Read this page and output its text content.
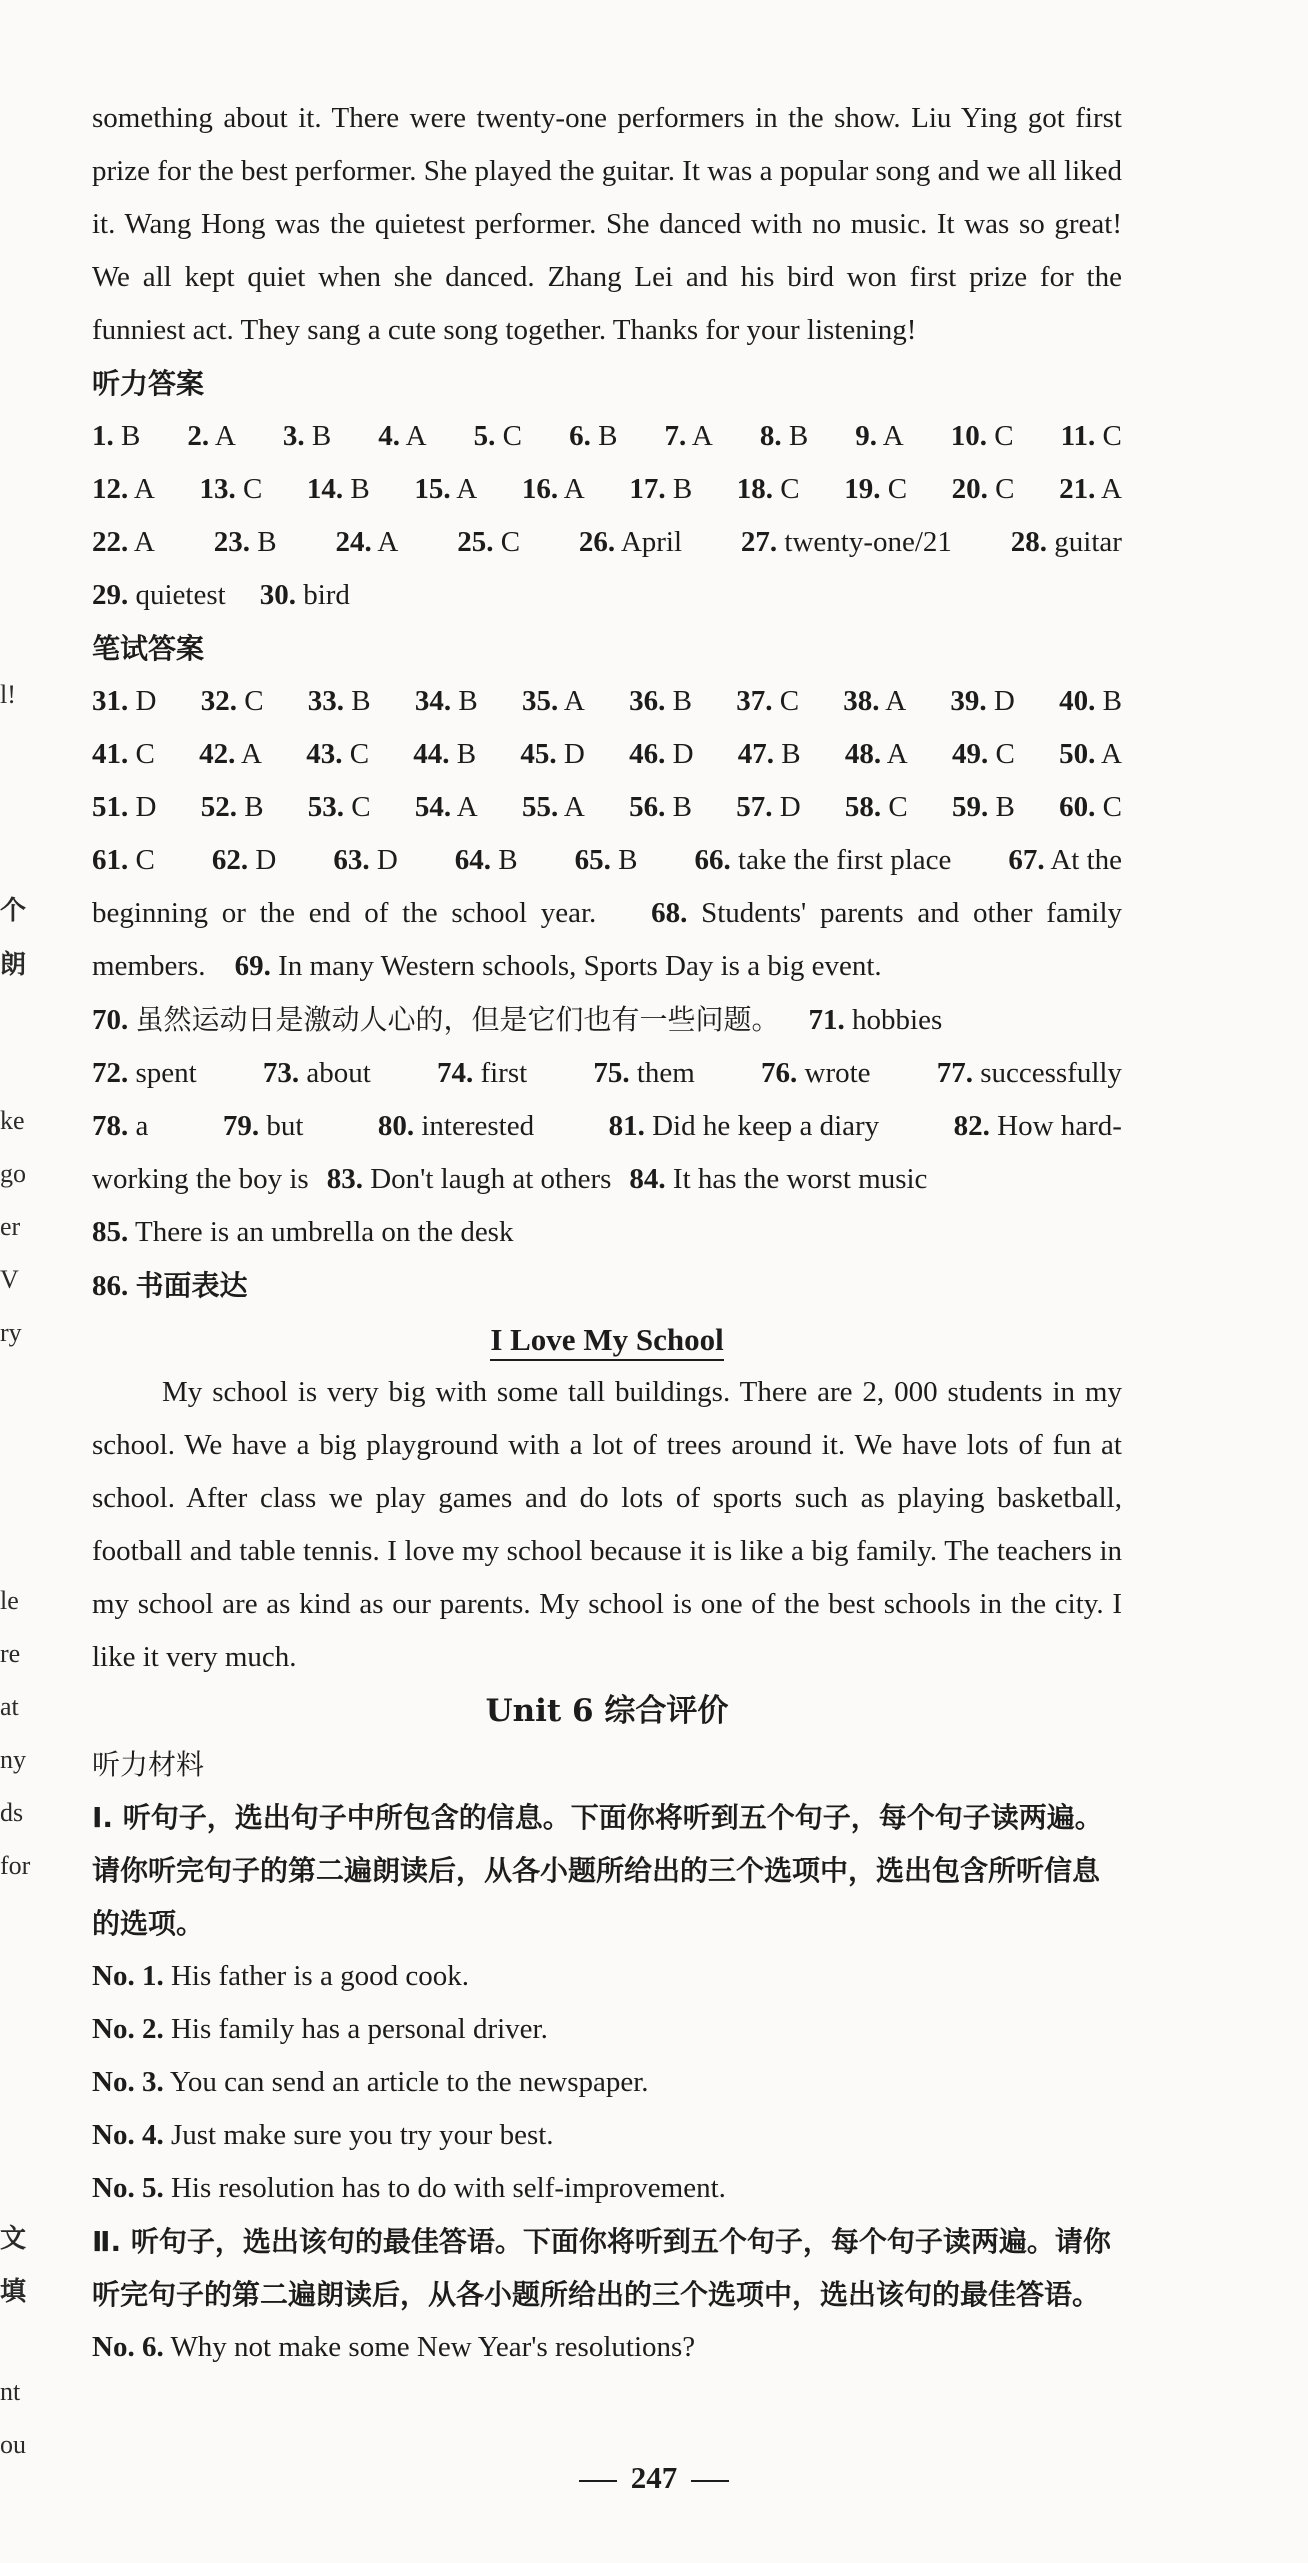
l!
个
朗
ke
go
er
V
ry
le
re
at
ny
ds
for
文
填
nt
ou

something about it. There were twenty-one performers in the show. Liu Ying got first prize for the best performer. She played the guitar. It was a popular song and we all liked it. Wang Hong was the quietest performer. She danced with no music. It was so great! We all kept quiet when she danced. Zhang Lei and his bird won first prize for the funniest act. They sang a cute song together. Thanks for your listening!

听力答案

1. B 2. A 3. B 4. A 5. C 6. B 7. A 8. B 9. A 10. C 11. C
12. A 13. C 14. B 15. A 16. A 17. B 18. C 19. C 20. C 21. A
22. A 23. B 24. A 25. C 26. April 27. twenty-one/21 28. guitar
29. quietest 30. bird

笔试答案

31. D 32. C 33. B 34. B 35. A 36. B 37. C 38. A 39. D 40. B
41. C 42. A 43. C 44. B 45. D 46. D 47. B 48. A 49. C 50. A
51. D 52. B 53. C 54. A 55. A 56. B 57. D 58. C 59. B 60. C
61. C 62. D 63. D 64. B 65. B 66. take the first place 67. At the

beginning or the end of the school year. 68. Students' parents and other family members. 69. In many Western schools, Sports Day is a big event.
70. 虽然运动日是激动人心的，但是它们也有一些问题。 71. hobbies

72. spent 73. about 74. first 75. them 76. wrote 77. successfully
78. a	79. but	80. interested	81. Did he keep a diary	82. How hard-
working the boy is 83. Don't laugh at others 84. It has the worst music

85. There is an umbrella on the desk

86. 书面表达

I Love My School

My school is very big with some tall buildings. There are 2, 000 students in my school. We have a big playground with a lot of trees around it. We have lots of fun at school. After class we play games and do lots of sports such as playing basketball, football and table tennis. I love my school because it is like a big family. The teachers in my school are as kind as our parents. My school is one of the best schools in the city. I like it very much.

Unit 6 综合评价

听力材料

Ⅰ. 听句子，选出句子中所包含的信息。下面你将听到五个句子，每个句子读两遍。请你听完句子的第二遍朗读后，从各小题所给出的三个选项中，选出包含所听信息的选项。

No. 1. His father is a good cook.

No. 2. His family has a personal driver.

No. 3. You can send an article to the newspaper.

No. 4. Just make sure you try your best.

No. 5. His resolution has to do with self-improvement.

Ⅱ. 听句子，选出该句的最佳答语。下面你将听到五个句子，每个句子读两遍。请你听完句子的第二遍朗读后，从各小题所给出的三个选项中，选出该句的最佳答语。

No. 6. Why not make some New Year's resolutions?

247
